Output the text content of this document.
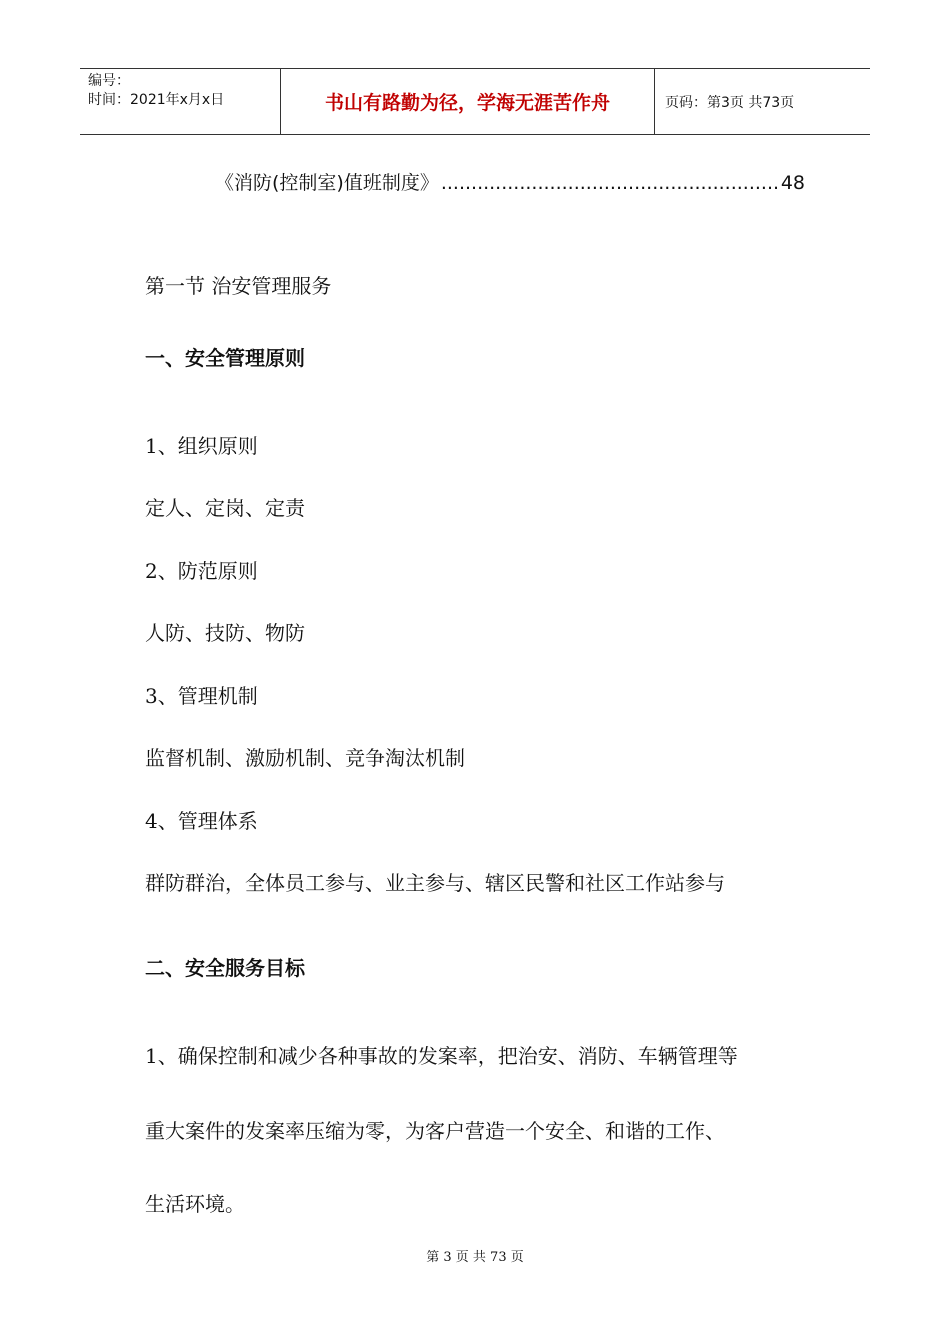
编号：
时间：2021年x月x日	书山有路勤为径，学海无涯苦作舟	页码：第3页 共73页
《消防(控制室)值班制度》
.....	48
第一节 治安管理服务
一、安全管理原则
1、组织原则
定人、定岗、定责
2、防范原则
人防、技防、物防
3、管理机制
监督机制、激励机制、竞争淘汰机制
4、管理体系
群防群治，全体员工参与、业主参与、辖区民警和社区工作站参与
二、安全服务目标
1、确保控制和减少各种事故的发案率，把治安、消防、车辆管理等
重大案件的发案率压缩为零，为客户营造一个安全、和谐的工作、
生活环境。
第 3 页 共 73 页
